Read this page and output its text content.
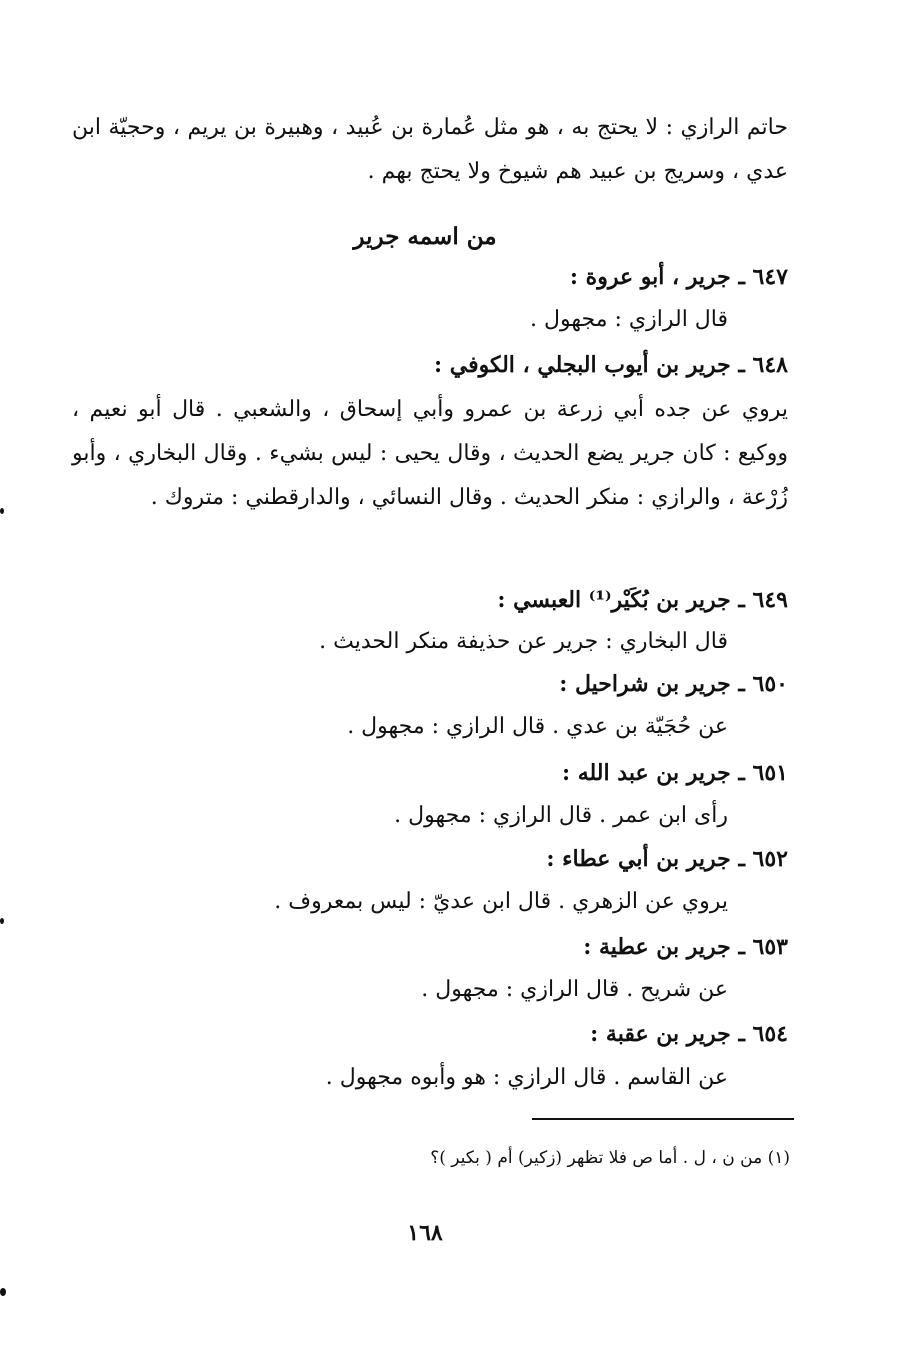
حاتم الرازي : لا يحتج به ، هو مثل عُمارة بن عُبيد ، وهبيرة بن يريم ، وحجيّة ابن عدي ، وسريج بن عبيد هم شيوخ ولا يحتج بهم .

من اسمه جرير

٦٤٧ ـ جرير ، أبو عروة :

قال الرازي : مجهول .

٦٤٨ ـ جرير بن أيوب البجلي ، الكوفي :

يروي عن جده أبي زرعة بن عمرو وأبي إسحاق ، والشعبي . قال أبو نعيم ، ووكيع : كان جرير يضع الحديث ، وقال يحيى : ليس بشيء . وقال البخاري ، وأبو زُرْعة ، والرازي : منكر الحديث . وقال النسائي ، والدارقطني : متروك .

٦٤٩ ـ جرير بن بُكَيْر⁽¹⁾ العبسي :

قال البخاري : جرير عن حذيفة منكر الحديث .

٦٥٠ ـ جرير بن شراحيل :

عن حُجَيّة بن عدي . قال الرازي : مجهول .

٦٥١ ـ جرير بن عبد الله :

رأى ابن عمر . قال الرازي : مجهول .

٦٥٢ ـ جرير بن أبي عطاء :

يروي عن الزهري . قال ابن عديّ : ليس بمعروف .

٦٥٣ ـ جرير بن عطية :

عن شريح . قال الرازي : مجهول .

٦٥٤ ـ جرير بن عقبة :

عن القاسم . قال الرازي : هو وأبوه مجهول .

(١) من ن ، ل . أما ص فلا تظهر (زكير) أم ( بكير )؟

١٦٨
